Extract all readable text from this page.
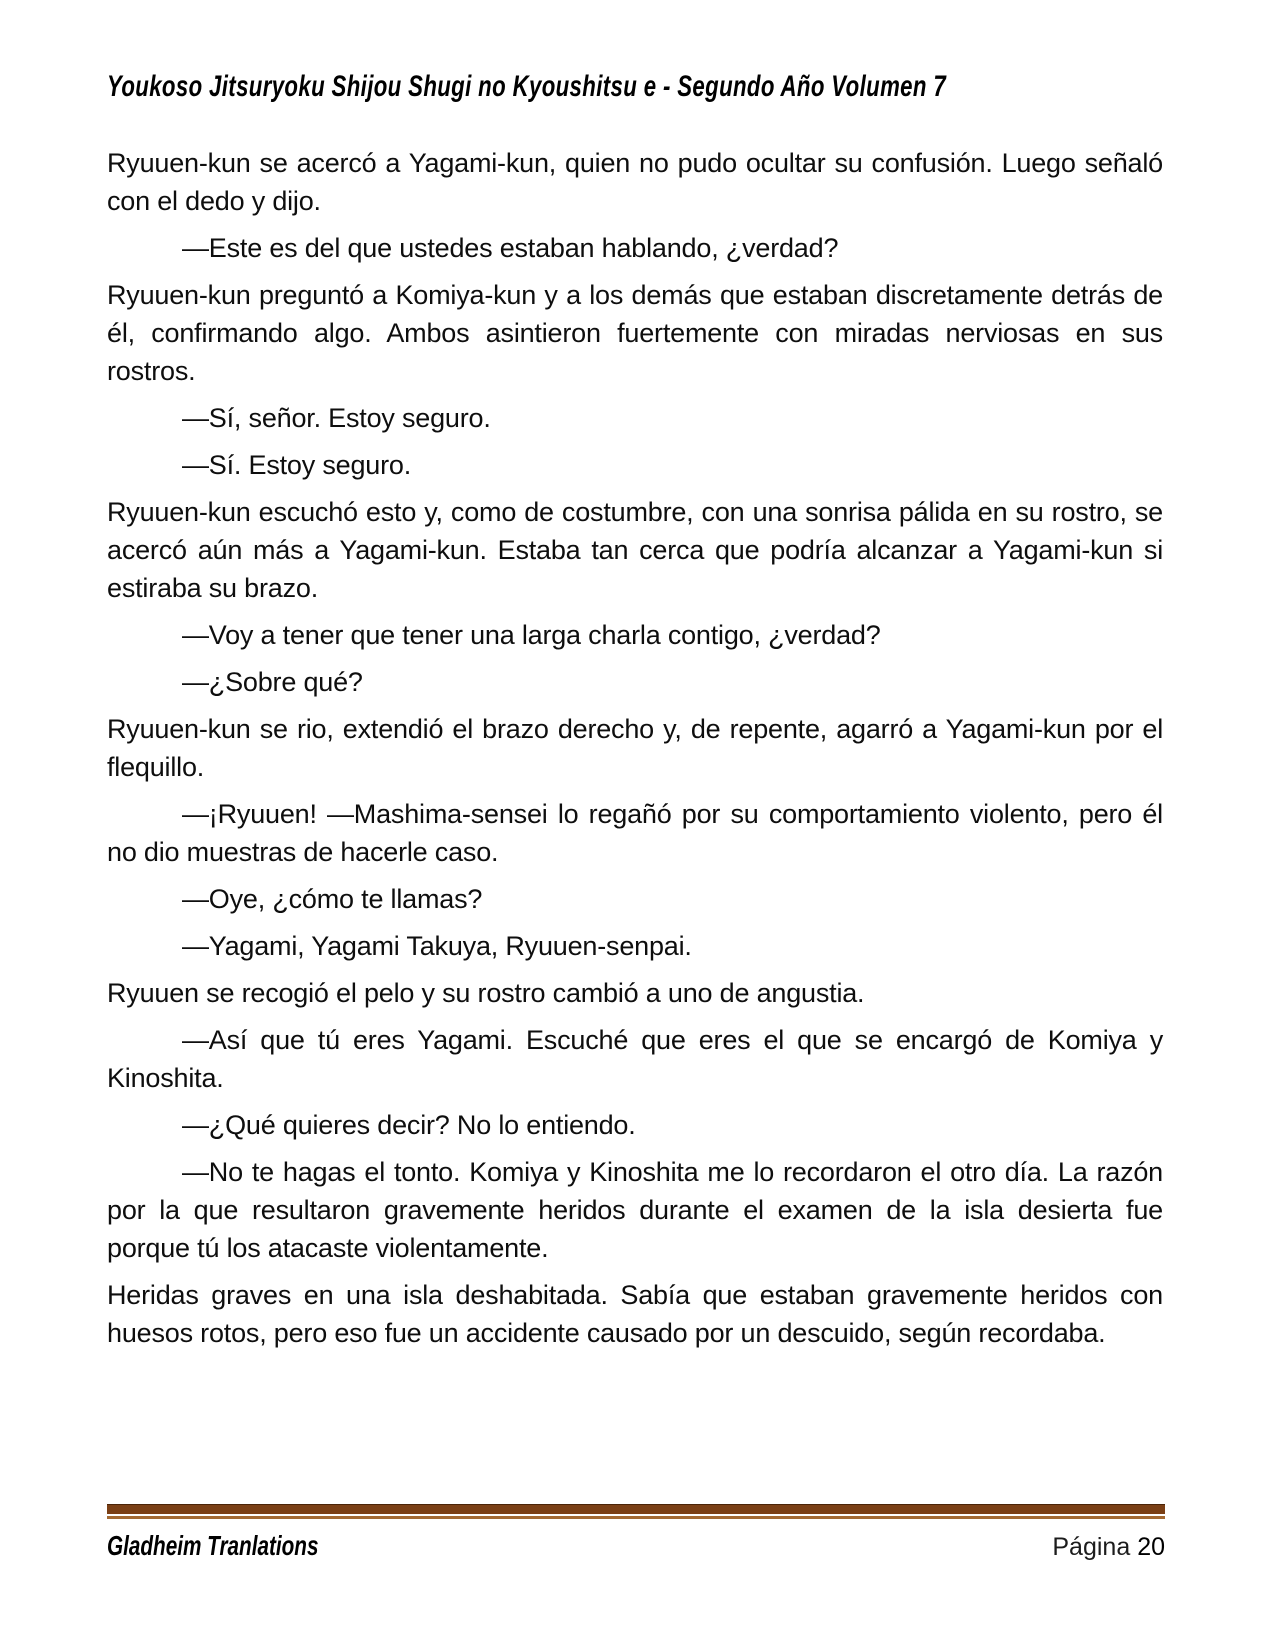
Youkoso Jitsuryoku Shijou Shugi no Kyoushitsu e - Segundo Año Volumen 7

Ryuuen-kun se acercó a Yagami-kun, quien no pudo ocultar su confusión. Luego señaló con el dedo y dijo.

—Este es del que ustedes estaban hablando, ¿verdad?

Ryuuen-kun preguntó a Komiya-kun y a los demás que estaban discretamente detrás de él, confirmando algo. Ambos asintieron fuertemente con miradas nerviosas en sus rostros.

—Sí, señor. Estoy seguro.

—Sí. Estoy seguro.

Ryuuen-kun escuchó esto y, como de costumbre, con una sonrisa pálida en su rostro, se acercó aún más a Yagami-kun. Estaba tan cerca que podría alcanzar a Yagami-kun si estiraba su brazo.

—Voy a tener que tener una larga charla contigo, ¿verdad?

—¿Sobre qué?

Ryuuen-kun se rio, extendió el brazo derecho y, de repente, agarró a Yagami-kun por el flequillo.

—¡Ryuuen! —Mashima-sensei lo regañó por su comportamiento violento, pero él no dio muestras de hacerle caso.

—Oye, ¿cómo te llamas?

—Yagami, Yagami Takuya, Ryuuen-senpai.

Ryuuen se recogió el pelo y su rostro cambió a uno de angustia.

—Así que tú eres Yagami. Escuché que eres el que se encargó de Komiya y Kinoshita.

—¿Qué quieres decir? No lo entiendo.

—No te hagas el tonto. Komiya y Kinoshita me lo recordaron el otro día. La razón por la que resultaron gravemente heridos durante el examen de la isla desierta fue porque tú los atacaste violentamente.

Heridas graves en una isla deshabitada. Sabía que estaban gravemente heridos con huesos rotos, pero eso fue un accidente causado por un descuido, según recordaba.

Gladheim Tranlations	Página 20
